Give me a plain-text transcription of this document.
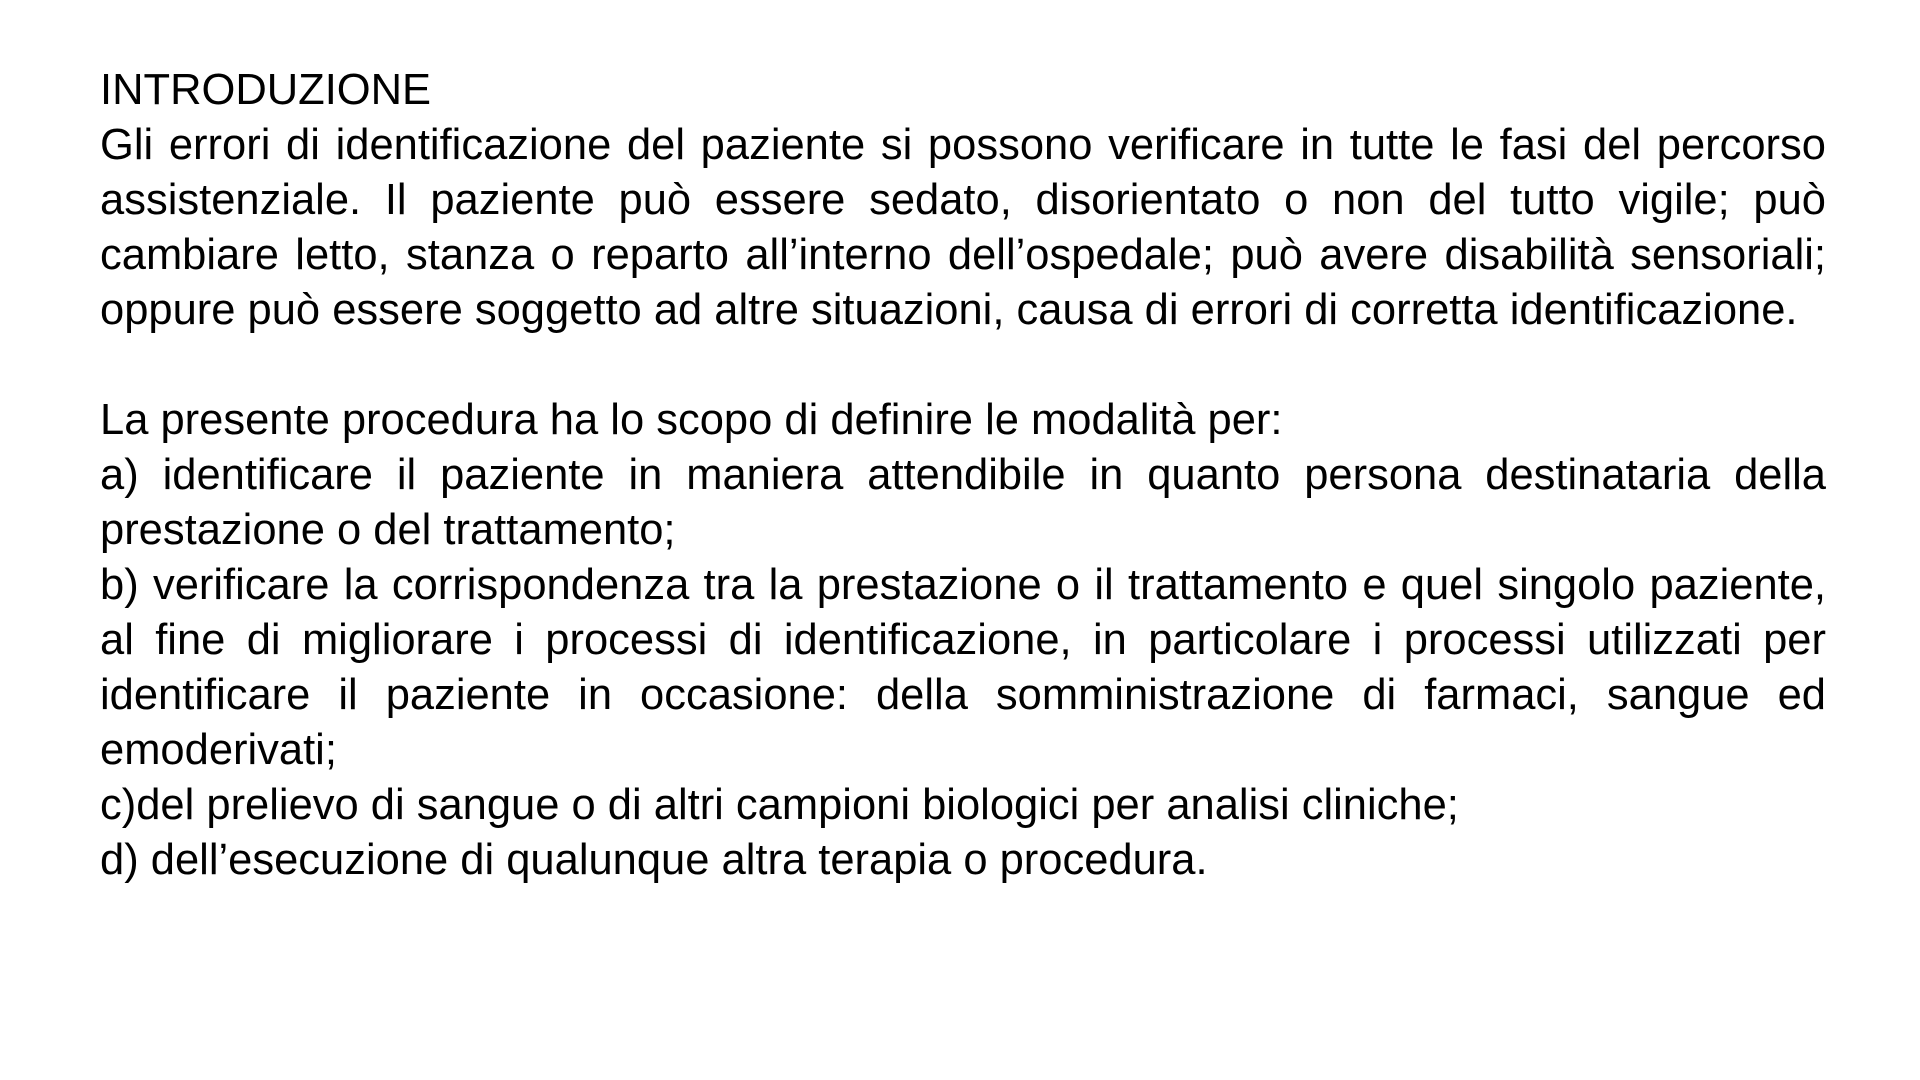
INTRODUZIONE

Gli errori di identificazione del paziente si possono verificare in tutte le fasi del percorso assistenziale. Il paziente può essere sedato, disorientato o non del tutto vigile; può cambiare letto, stanza o reparto all’interno dell’ospedale; può avere disabilità sensoriali; oppure può essere soggetto ad altre situazioni, causa di errori di corretta identificazione.

La presente procedura ha lo scopo di definire le modalità per:

a) identificare il paziente in maniera attendibile in quanto persona destinataria della prestazione o del trattamento;
b) verificare la corrispondenza tra la prestazione o il trattamento e quel singolo paziente, al fine di migliorare i processi di identificazione, in particolare i processi utilizzati per identificare il paziente in occasione: della somministrazione di farmaci, sangue ed emoderivati;
c)del prelievo di sangue o di altri campioni biologici per analisi cliniche;
d) dell’esecuzione di qualunque altra terapia o procedura.
